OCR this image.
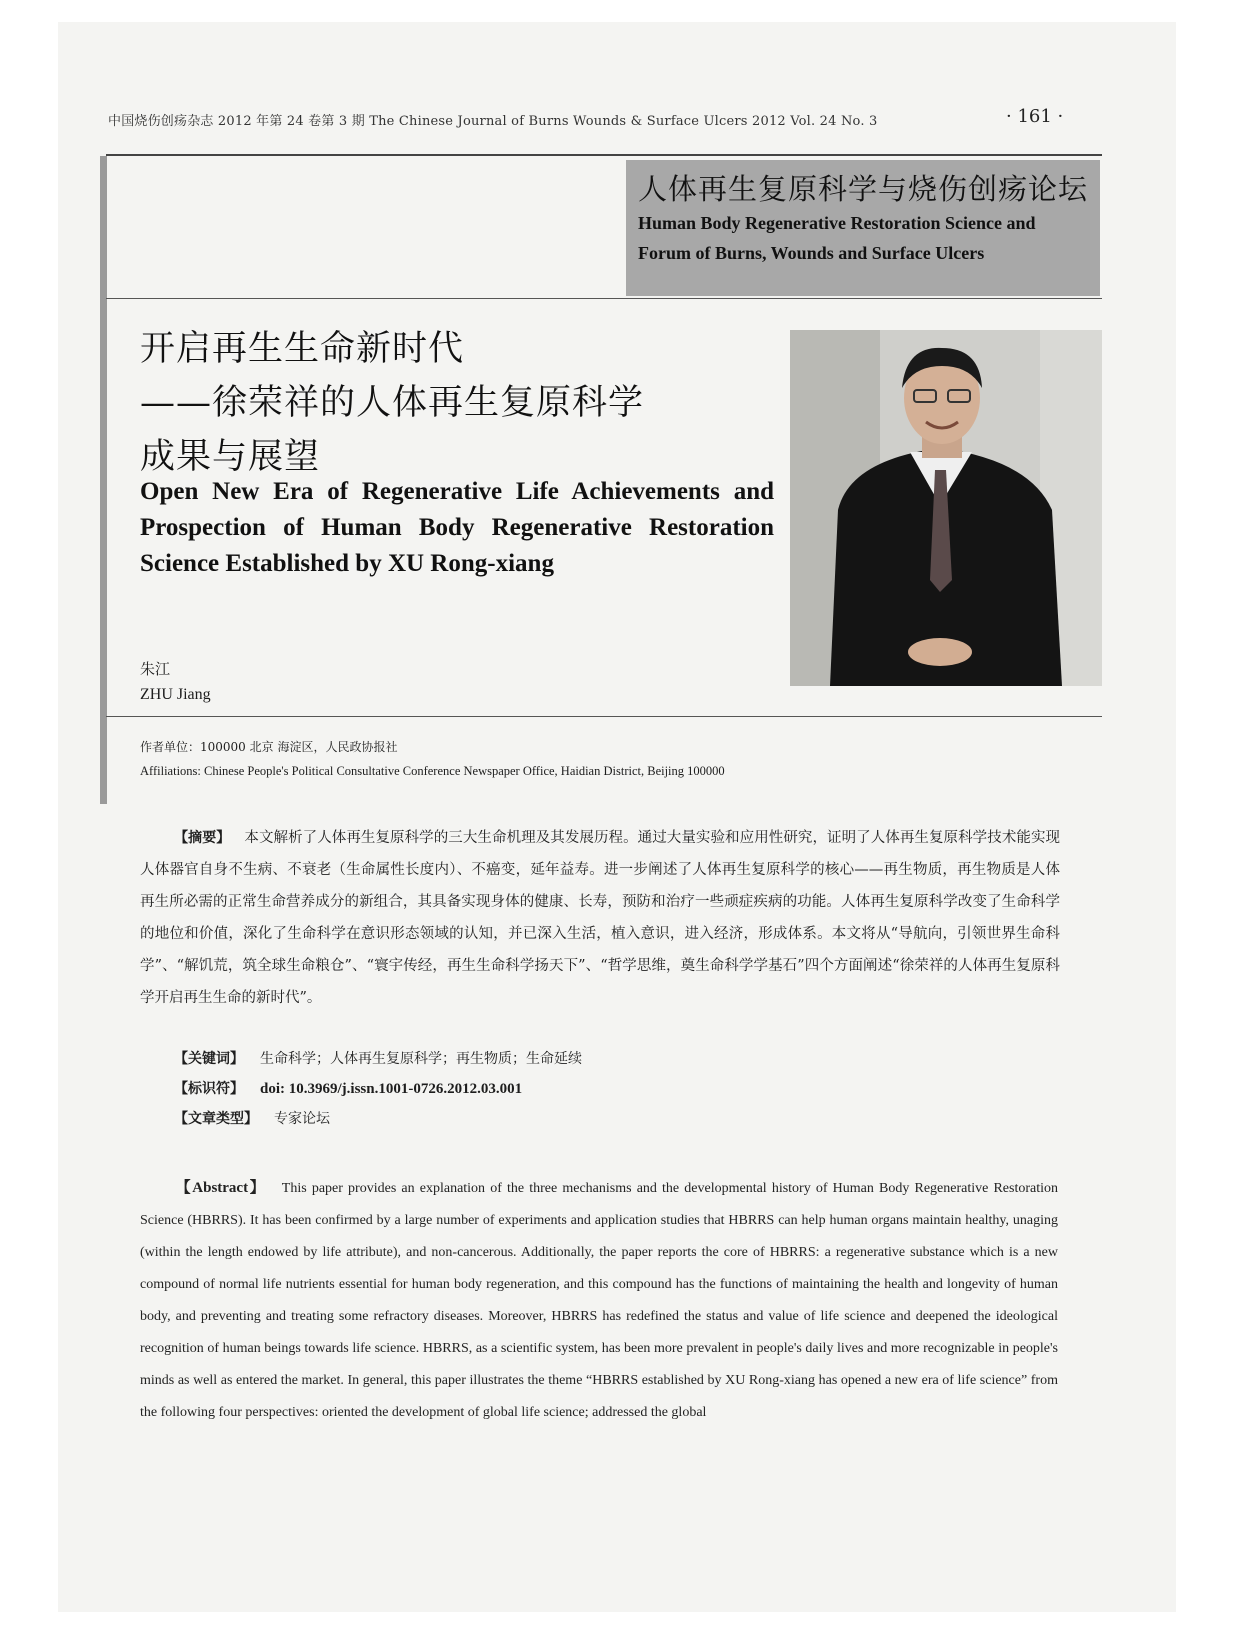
中国烧伤创疡杂志 2012 年第 24 卷第 3 期 The Chinese Journal of Burns Wounds & Surface Ulcers 2012 Vol. 24 No. 3	· 161 ·
人体再生复原科学与烧伤创疡论坛
Human Body Regenerative Restoration Science and
Forum of Burns, Wounds and Surface Ulcers
开启再生生命新时代
——徐荣祥的人体再生复原科学
成果与展望
Open New Era of Regenerative Life Achievements and Prospection of Human Body Regenerative Restoration Science Established by XU Rong-xiang
朱江
ZHU Jiang
作者单位：100000 北京 海淀区，人民政协报社
Affiliations: Chinese People's Political Consultative Conference Newspaper Office, Haidian District, Beijing 100000
【摘要】 本文解析了人体再生复原科学的三大生命机理及其发展历程。通过大量实验和应用性研究，证明了人体再生复原科学技术能实现人体器官自身不生病、不衰老（生命属性长度内）、不癌变，延年益寿。进一步阐述了人体再生复原科学的核心——再生物质，再生物质是人体再生所必需的正常生命营养成分的新组合，其具备实现身体的健康、长寿，预防和治疗一些顽症疾病的功能。人体再生复原科学改变了生命科学的地位和价值，深化了生命科学在意识形态领域的认知，并已深入生活，植入意识，进入经济，形成体系。本文将从“导航向，引领世界生命科学”、“解饥荒，筑全球生命粮仓”、“寰宇传经，再生生命科学扬天下”、“哲学思维，奠生命科学学基石”四个方面阐述“徐荣祥的人体再生复原科学开启再生生命的新时代”。
【关键词】 生命科学；人体再生复原科学；再生物质；生命延续
【标识符】 doi: 10.3969/j.issn.1001-0726.2012.03.001
【文章类型】 专家论坛
【Abstract】 This paper provides an explanation of the three mechanisms and the developmental history of Human Body Regenerative Restoration Science (HBRRS). It has been confirmed by a large number of experiments and application studies that HBRRS can help human organs maintain healthy, unaging (within the length endowed by life attribute), and non-cancerous. Additionally, the paper reports the core of HBRRS: a regenerative substance which is a new compound of normal life nutrients essential for human body regeneration, and this compound has the functions of maintaining the health and longevity of human body, and preventing and treating some refractory diseases. Moreover, HBRRS has redefined the status and value of life science and deepened the ideological recognition of human beings towards life science. HBRRS, as a scientific system, has been more prevalent in people's daily lives and more recognizable in people's minds as well as entered the market. In general, this paper illustrates the theme “HBRRS established by XU Rong-xiang has opened a new era of life science” from the following four perspectives: oriented the development of global life science; addressed the global
